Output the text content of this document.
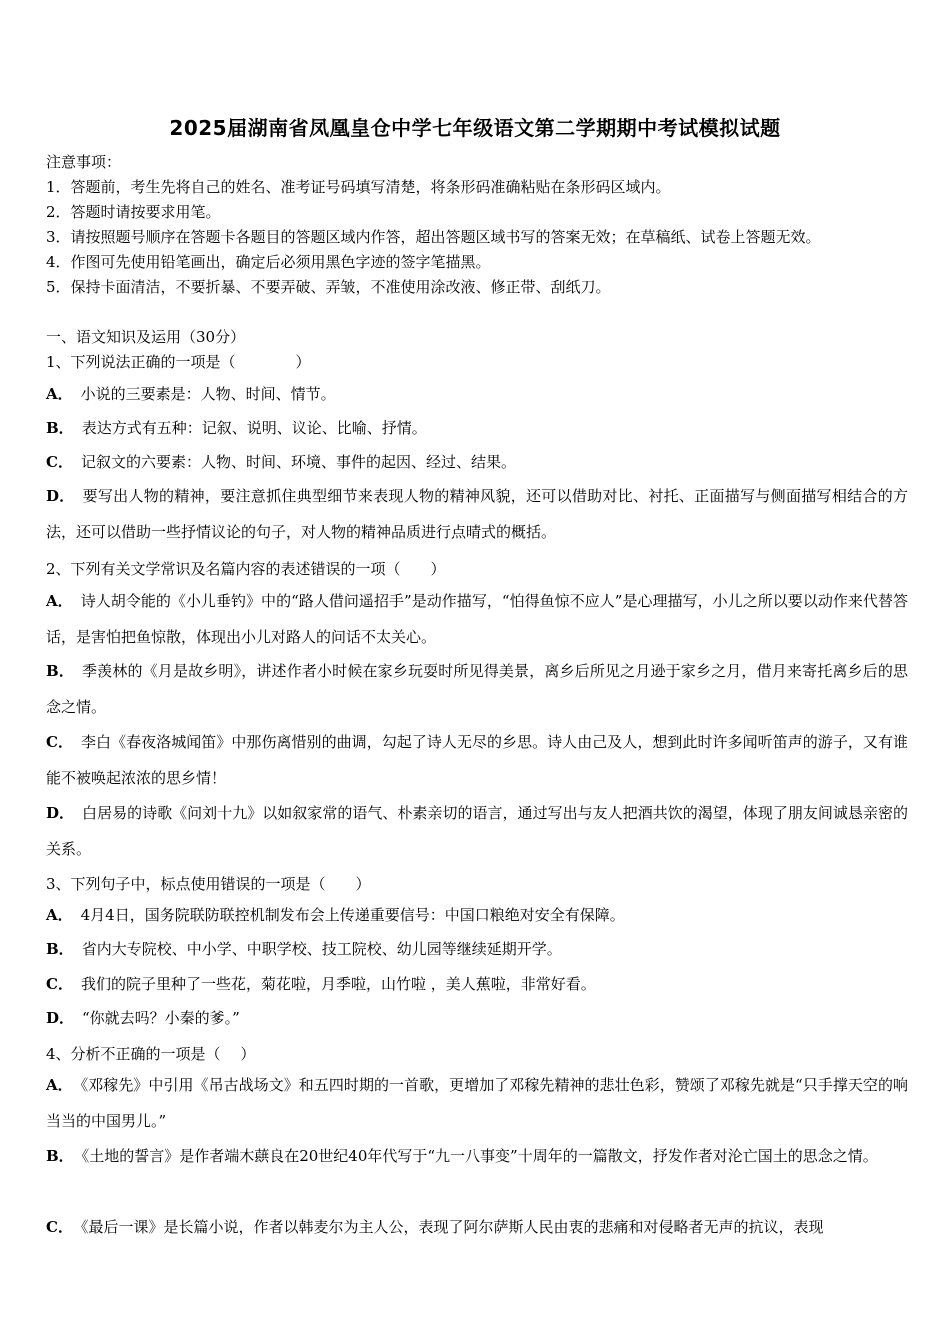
2025届湖南省凤凰皇仓中学七年级语文第二学期期中考试模拟试题
注意事项：
1．答题前，考生先将自己的姓名、准考证号码填写清楚，将条形码准确粘贴在条形码区域内。
2．答题时请按要求用笔。
3．请按照题号顺序在答题卡各题目的答题区域内作答，超出答题区域书写的答案无效；在草稿纸、试卷上答题无效。
4．作图可先使用铅笔画出，确定后必须用黑色字迹的签字笔描黑。
5．保持卡面清洁，不要折暴、不要弄破、弄皱，不准使用涂改液、修正带、刮纸刀。
一、语文知识及运用（30分）
1、下列说法正确的一项是（　　　　）
A． 小说的三要素是：人物、时间、情节。
B． 表达方式有五种：记叙、说明、议论、比喻、抒情。
C． 记叙文的六要素：人物、时间、环境、事件的起因、经过、结果。
D． 要写出人物的精神，要注意抓住典型细节来表现人物的精神风貌，还可以借助对比、衬托、正面描写与侧面描写相结合的方法，还可以借助一些抒情议论的句子，对人物的精神品质进行点晴式的概括。
2、下列有关文学常识及名篇内容的表述错误的一项（　　）
A． 诗人胡令能的《小儿垂钓》中的“路人借问遥招手”是动作描写，“怕得鱼惊不应人”是心理描写，小儿之所以要以动作来代替答话，是害怕把鱼惊散，体现出小儿对路人的问话不太关心。
B． 季羡林的《月是故乡明》，讲述作者小时候在家乡玩耍时所见得美景，离乡后所见之月逊于家乡之月，借月来寄托离乡后的思念之情。
C． 李白《春夜洛城闻笛》中那伤离惜别的曲调，勾起了诗人无尽的乡思。诗人由己及人，想到此时许多闻听笛声的游子，又有谁能不被唤起浓浓的思乡情！
D． 白居易的诗歌《问刘十九》以如叙家常的语气、朴素亲切的语言，通过写出与友人把酒共饮的渴望，体现了朋友间诚恳亲密的关系。
3、下列句子中，标点使用错误的一项是（　　）
A． 4月4日，国务院联防联控机制发布会上传递重要信号：中国口粮绝对安全有保障。
B． 省内大专院校、中小学、中职学校、技工院校、幼儿园等继续延期开学。
C． 我们的院子里种了一些花，菊花啦，月季啦，山竹啦 ，美人蕉啦，非常好看。
D． “你就去吗？小秦的爹。”
4、分析不正确的一项是（　 ）
A． 《邓稼先》中引用《吊古战场文》和五四时期的一首歌，更增加了邓稼先精神的悲壮色彩，赞颂了邓稼先就是“只手撑天空的响当当的中国男儿。”
B． 《土地的誓言》是作者端木蕻良在20世纪40年代写于“九一八事变”十周年的一篇散文，抒发作者对沦亡国土的思念之情。
C． 《最后一课》是长篇小说，作者以韩麦尔为主人公，表现了阿尔萨斯人民由衷的悲痛和对侵略者无声的抗议，表现
